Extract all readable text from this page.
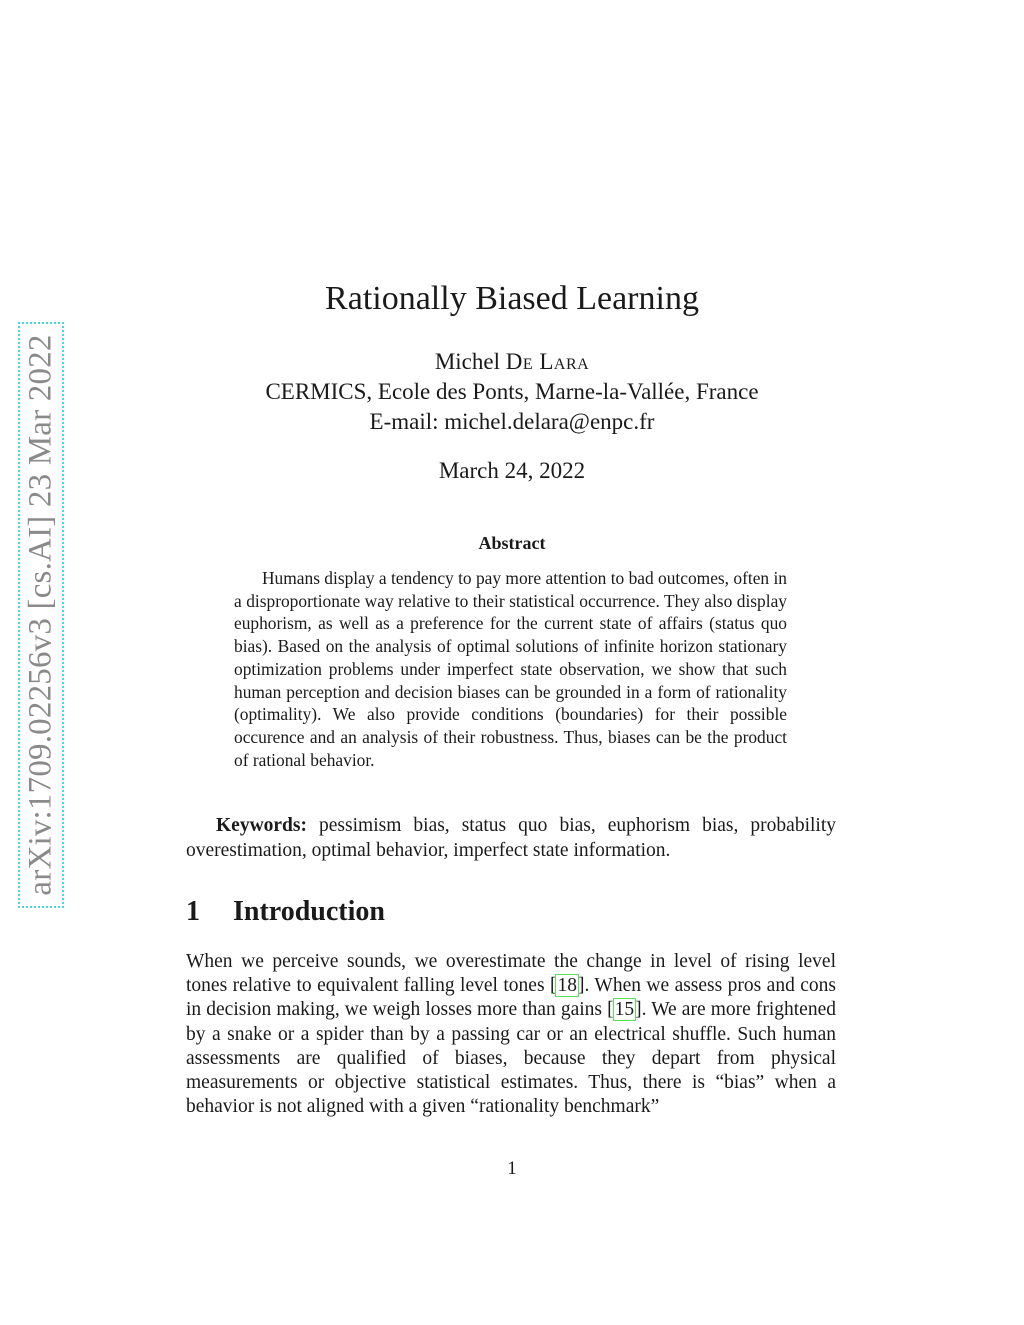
arXiv:1709.02256v3 [cs.AI] 23 Mar 2022
Rationally Biased Learning
Michel De Lara
CERMICS, Ecole des Ponts, Marne-la-Vallée, France
E-mail: michel.delara@enpc.fr
March 24, 2022
Abstract

Humans display a tendency to pay more attention to bad outcomes, often in a disproportionate way relative to their statistical occurrence. They also display euphorism, as well as a preference for the current state of affairs (status quo bias). Based on the analysis of optimal solutions of infinite horizon stationary optimization problems under imperfect state observation, we show that such human perception and decision biases can be grounded in a form of rationality (optimality). We also provide conditions (boundaries) for their possible occurence and an analysis of their robustness. Thus, biases can be the product of rational behavior.

Keywords: pessimism bias, status quo bias, euphorism bias, probability overestimation, optimal behavior, imperfect state information.

1 Introduction

When we perceive sounds, we overestimate the change in level of rising level tones relative to equivalent falling level tones [18]. When we assess pros and cons in decision making, we weigh losses more than gains [15]. We are more frightened by a snake or a spider than by a passing car or an electrical shuffle. Such human assessments are qualified of biases, because they depart from physical measurements or objective statistical estimates. Thus, there is “bias” when a behavior is not aligned with a given “rationality benchmark”

1
